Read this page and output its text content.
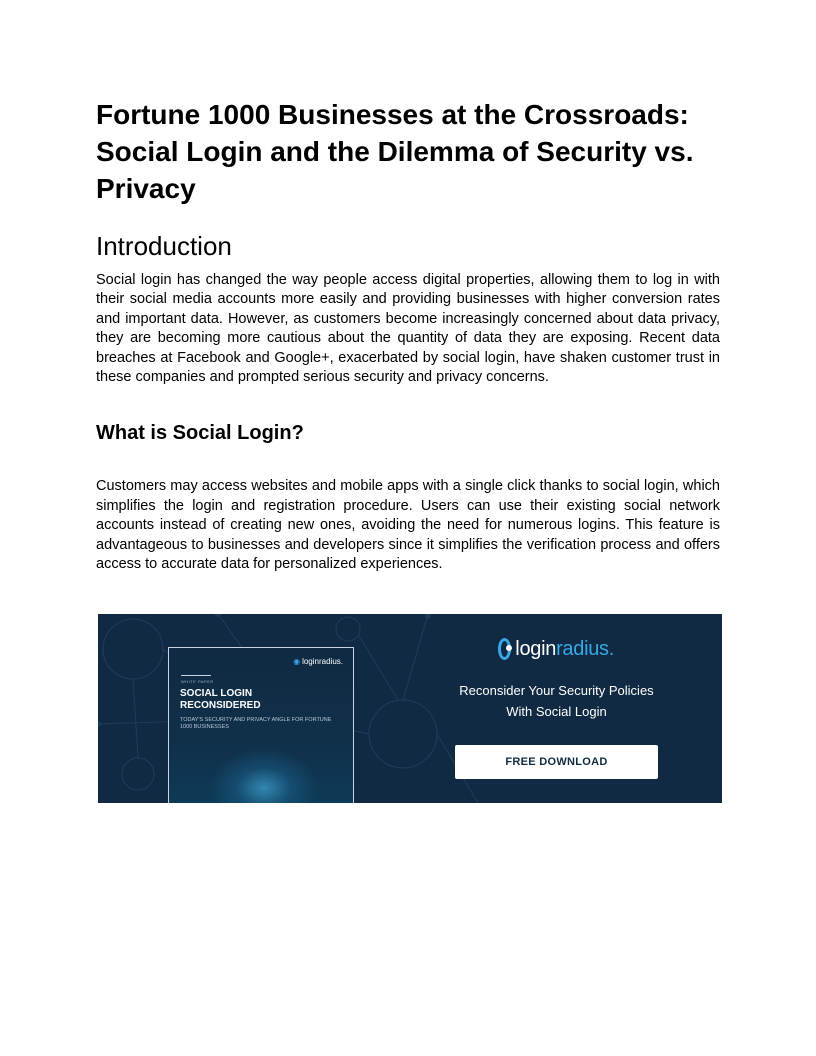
Fortune 1000 Businesses at the Crossroads: Social Login and the Dilemma of Security vs. Privacy
Introduction

Social login has changed the way people access digital properties, allowing them to log in with their social media accounts more easily and providing businesses with higher conversion rates and important data. However, as customers become increasingly concerned about data privacy, they are becoming more cautious about the quantity of data they are exposing. Recent data breaches at Facebook and Google+, exacerbated by social login, have shaken customer trust in these companies and prompted serious security and privacy concerns.

What is Social Login?

Customers may access websites and mobile apps with a single click thanks to social login, which simplifies the login and registration procedure. Users can use their existing social network accounts instead of creating new ones, avoiding the need for numerous logins. This feature is advantageous to businesses and developers since it simplifies the verification process and offers access to accurate data for personalized experiences.

◉ loginradius.
WHITE PAPER
SOCIAL LOGIN
RECONSIDERED
TODAY'S SECURITY AND PRIVACY ANGLE FOR FORTUNE 1000 BUSINESSES
loginradius.
Reconsider Your Security Policies
With Social Login
FREE DOWNLOAD
